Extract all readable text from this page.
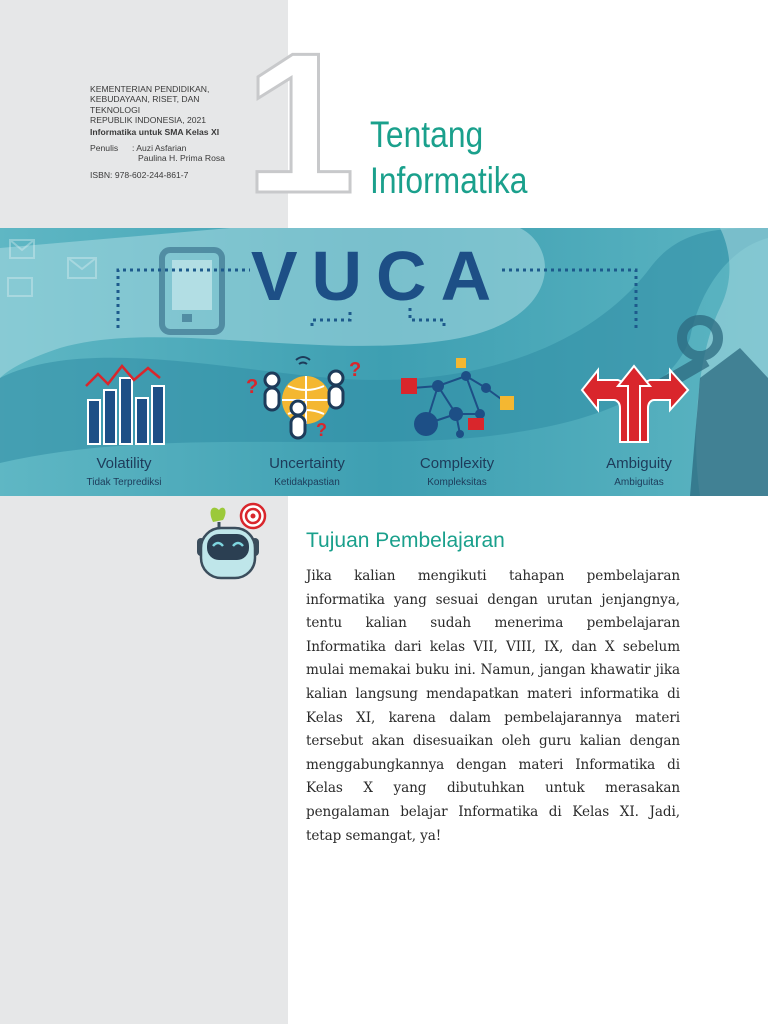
KEMENTERIAN PENDIDIKAN,
KEBUDAYAAN, RISET, DAN
TEKNOLOGI
REPUBLIK INDONESIA, 2021
Informatika untuk SMA Kelas XI
Penulis	: Auzi Asfarian
Paulina H. Prima Rosa
ISBN: 978-602-244-861-7 1 Tentang
Informatika
VUCA
?
?
?
Volatility
Tidak Terprediksi
Uncertainty
Ketidakpastian
Complexity
Kompleksitas
Ambiguity
Ambiguitas
Tujuan Pembelajaran
Jika kalian mengikuti tahapan pembelajaran informatika yang sesuai dengan urutan jenjangnya, tentu kalian sudah menerima pembelajaran Informatika dari kelas VII, VIII, IX, dan X sebelum mulai memakai buku ini. Namun, jangan khawatir jika kalian langsung mendapatkan materi informatika di Kelas XI, karena dalam pembelajarannya materi tersebut akan disesuaikan oleh guru kalian dengan menggabungkannya dengan materi Informatika di Kelas X yang dibutuhkan untuk merasakan pengalaman belajar Informatika di Kelas XI. Jadi, tetap semangat, ya!
